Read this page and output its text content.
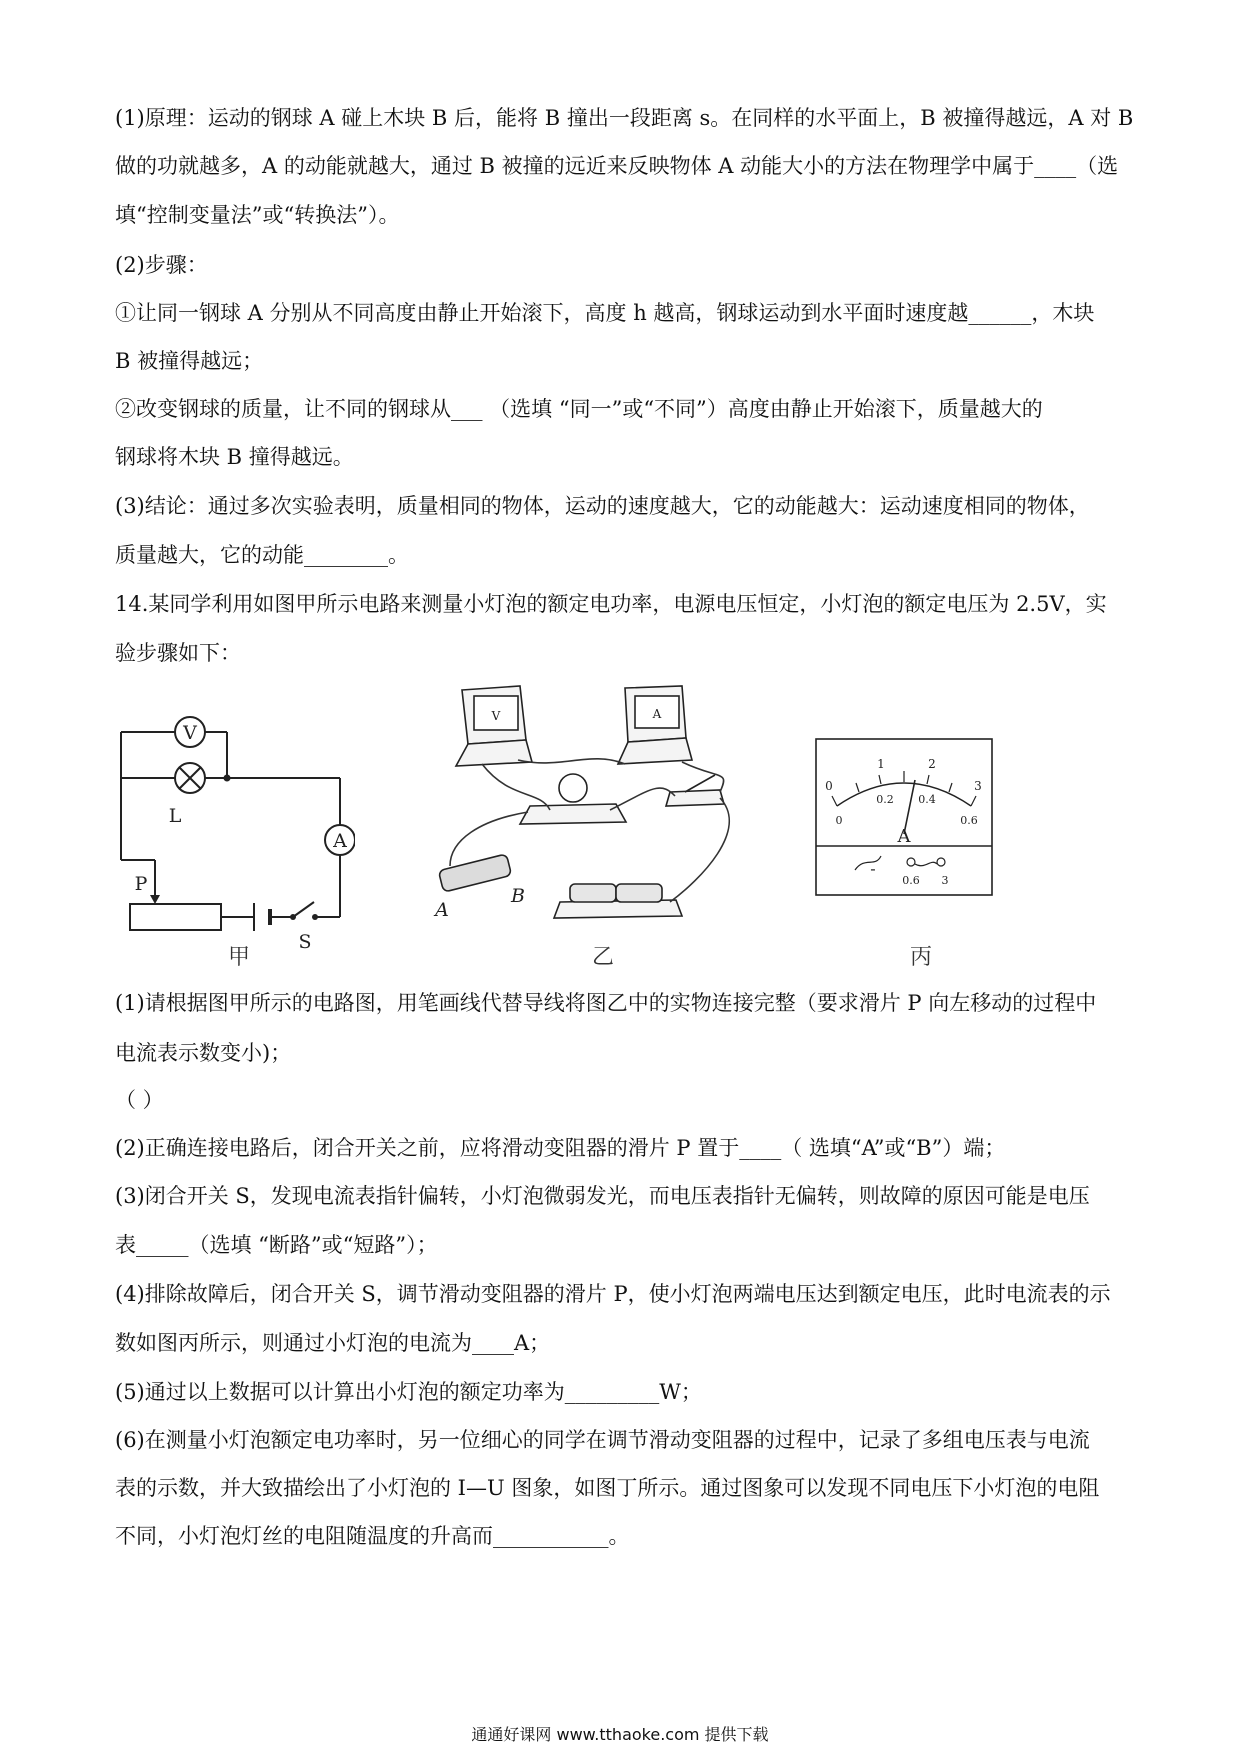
(1)原理：运动的钢球 A 碰上木块 B 后，能将 B 撞出一段距离 s。在同样的水平面上，B 被撞得越远，A 对 B
做的功就越多，A 的动能就越大，通过 B 被撞的远近来反映物体 A 动能大小的方法在物理学中属于____（选
填“控制变量法”或“转换法”）。
(2)步骤：
①让同一钢球 A 分别从不同高度由静止开始滚下，高度 h 越高，钢球运动到水平面时速度越______，木块
B 被撞得越远；
②改变钢球的质量，让不同的钢球从___ （选填 “同一”或“不同”）高度由静止开始滚下，质量越大的
钢球将木块 B 撞得越远。
(3)结论：通过多次实验表明，质量相同的物体，运动的速度越大，它的动能越大：运动速度相同的物体，
质量越大，它的动能________。
14.某同学利用如图甲所示电路来测量小灯泡的额定电功率，电源电压恒定，小灯泡的额定电压为 2.5V，实
验步骤如下：
V
L
A
P
S
甲
V	A
A
B
乙
0
1	2
3
0
0.2 0.4
0.6
A
-
0.6 3
丙
(1)请根据图甲所示的电路图，用笔画线代替导线将图乙中的实物连接完整（要求滑片 P 向左移动的过程中
电流表示数变小)；
（ ）
(2)正确连接电路后，闭合开关之前，应将滑动变阻器的滑片 P 置于____（ 选填“A”或“B”）端；
(3)闭合开关 S，发现电流表指针偏转，小灯泡微弱发光，而电压表指针无偏转，则故障的原因可能是电压
表_____（选填 “断路”或“短路”）；
(4)排除故障后，闭合开关 S，调节滑动变阻器的滑片 P，使小灯泡两端电压达到额定电压，此时电流表的示
数如图丙所示，则通过小灯泡的电流为____A；
(5)通过以上数据可以计算出小灯泡的额定功率为_________W；
(6)在测量小灯泡额定电功率时，另一位细心的同学在调节滑动变阻器的过程中，记录了多组电压表与电流
表的示数，并大致描绘出了小灯泡的 I—U 图象，如图丁所示。通过图象可以发现不同电压下小灯泡的电阻
不同，小灯泡灯丝的电阻随温度的升高而___________。
通通好课网 www.tthaoke.com 提供下载
